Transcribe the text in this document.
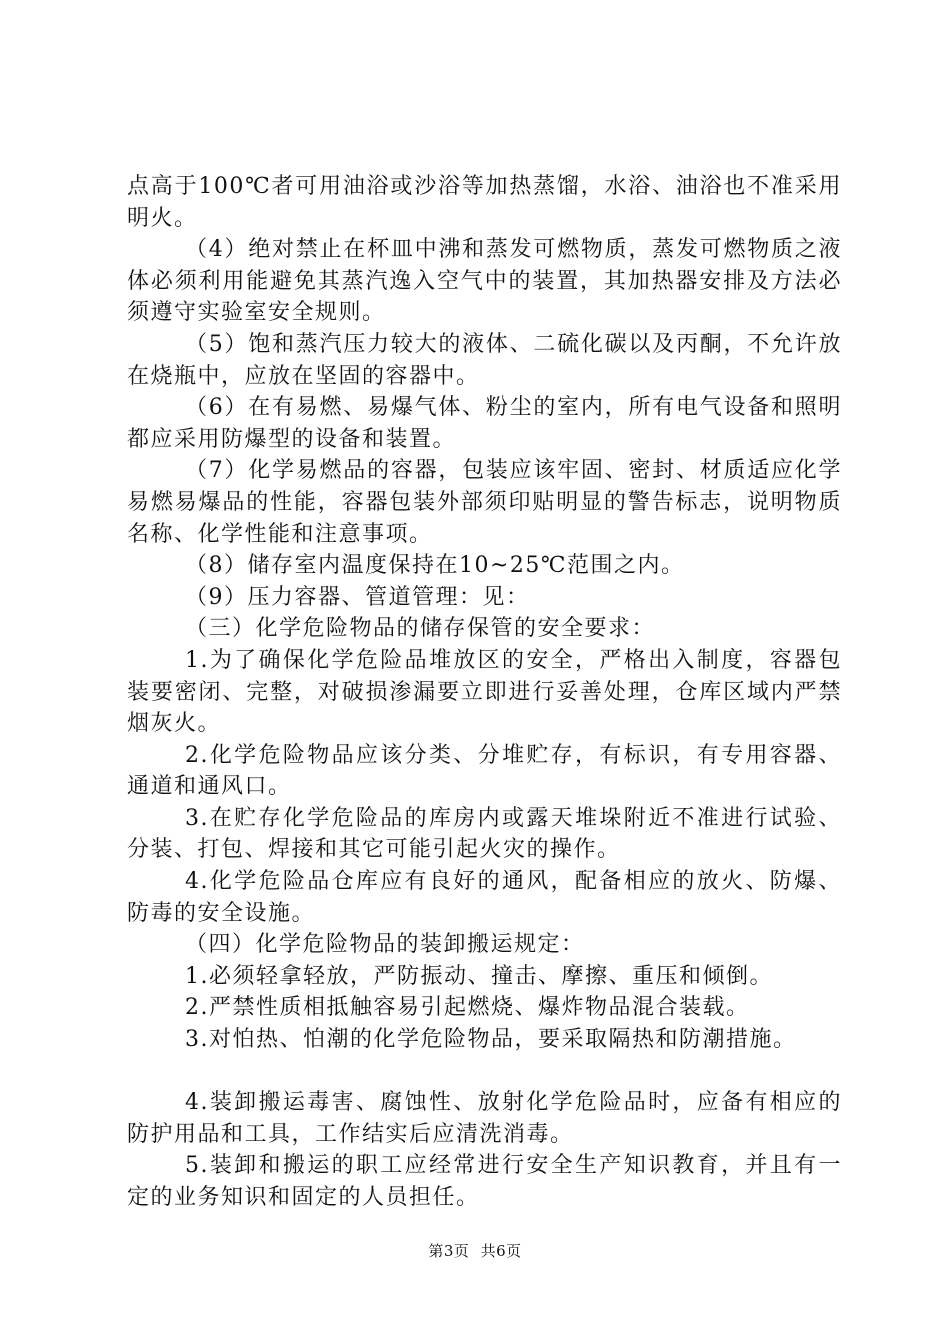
点高于100℃者可用油浴或沙浴等加热蒸馏，水浴、油浴也不准采用明火。

（4）绝对禁止在杯皿中沸和蒸发可燃物质，蒸发可燃物质之液体必须利用能避免其蒸汽逸入空气中的装置，其加热器安排及方法必须遵守实验室安全规则。

（5）饱和蒸汽压力较大的液体、二硫化碳以及丙酮，不允许放在烧瓶中，应放在坚固的容器中。

（6）在有易燃、易爆气体、粉尘的室内，所有电气设备和照明都应采用防爆型的设备和装置。

（7）化学易燃品的容器，包装应该牢固、密封、材质适应化学易燃易爆品的性能，容器包装外部须印贴明显的警告标志，说明物质名称、化学性能和注意事项。

（8）储存室内温度保持在10~25℃范围之内。

（9）压力容器、管道管理：见：

（三）化学危险物品的储存保管的安全要求：

1.为了确保化学危险品堆放区的安全，严格出入制度，容器包装要密闭、完整，对破损渗漏要立即进行妥善处理，仓库区域内严禁烟灰火。

2.化学危险物品应该分类、分堆贮存，有标识，有专用容器、通道和通风口。

3.在贮存化学危险品的库房内或露天堆垛附近不准进行试验、分装、打包、焊接和其它可能引起火灾的操作。

4.化学危险品仓库应有良好的通风，配备相应的放火、防爆、防毒的安全设施。

（四）化学危险物品的装卸搬运规定：

1.必须轻拿轻放，严防振动、撞击、摩擦、重压和倾倒。

2.严禁性质相抵触容易引起燃烧、爆炸物品混合装载。

3.对怕热、怕潮的化学危险物品，要采取隔热和防潮措施。

4.装卸搬运毒害、腐蚀性、放射化学危险品时，应备有相应的防护用品和工具，工作结实后应清洗消毒。

5.装卸和搬运的职工应经常进行安全生产知识教育，并且有一定的业务知识和固定的人员担任。

第3页 共6页
